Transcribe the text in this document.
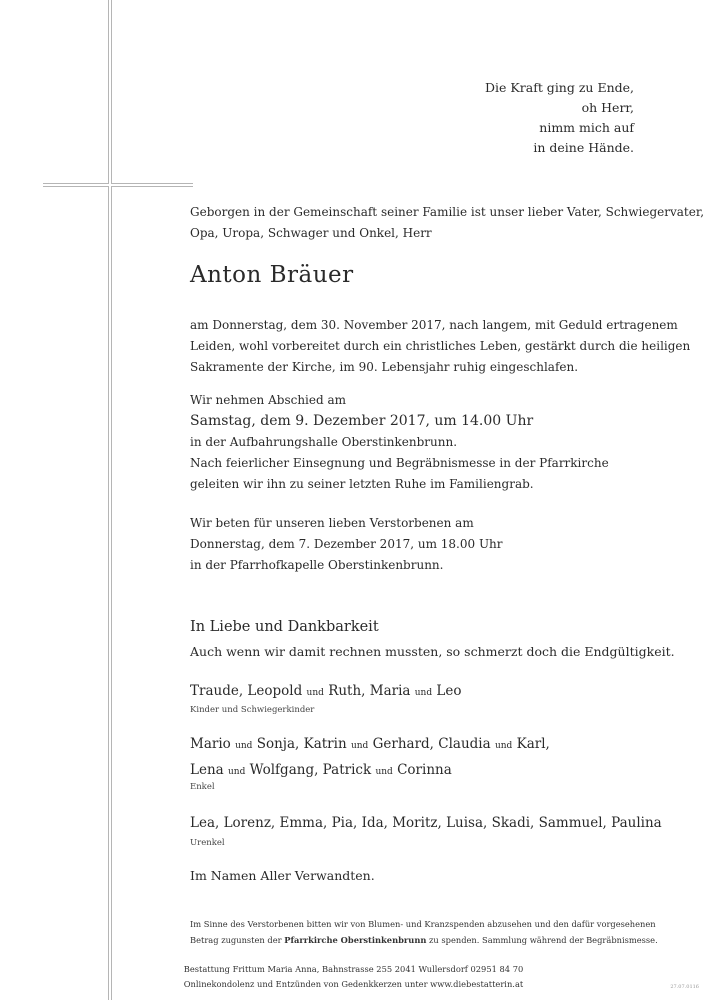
Die Kraft ging zu Ende,
oh Herr,
nimm mich auf
in deine Hände.
Geborgen in der Gemeinschaft seiner Familie ist unser lieber Vater, Schwiegervater,
Opa, Uropa, Schwager und Onkel, Herr
Anton Bräuer
am Donnerstag, dem 30. November 2017, nach langem, mit Geduld ertragenem
Leiden, wohl vorbereitet durch ein christliches Leben, gestärkt durch die heiligen
Sakramente der Kirche, im 90. Lebensjahr ruhig eingeschlafen.
Wir nehmen Abschied am
Samstag, dem 9. Dezember 2017, um 14.00 Uhr
in der Aufbahrungshalle Oberstinkenbrunn.
Nach feierlicher Einsegnung und Begräbnismesse in der Pfarrkirche
geleiten wir ihn zu seiner letzten Ruhe im Familiengrab.
Wir beten für unseren lieben Verstorbenen am
Donnerstag, dem 7. Dezember 2017, um 18.00 Uhr
in der Pfarrhofkapelle Oberstinkenbrunn.
In Liebe und Dankbarkeit
Auch wenn wir damit rechnen mussten, so schmerzt doch die Endgültigkeit.
Traude, Leopold und Ruth, Maria und Leo
Kinder und Schwiegerkinder
Mario und Sonja, Katrin und Gerhard, Claudia und Karl,
Lena und Wolfgang, Patrick und Corinna
Enkel
Lea, Lorenz, Emma, Pia, Ida, Moritz, Luisa, Skadi, Sammuel, Paulina
Urenkel
Im Namen Aller Verwandten.
Im Sinne des Verstorbenen bitten wir von Blumen- und Kranzspenden abzusehen und den dafür vorgesehenen
Betrag zugunsten der Pfarrkirche Oberstinkenbrunn zu spenden. Sammlung während der Begräbnismesse.
Bestattung Frittum Maria Anna, Bahnstrasse 255 2041 Wullersdorf 02951 84 70
Onlinekondolenz und Entzünden von Gedenkkerzen unter www.diebestatterin.at	27.07.0116
